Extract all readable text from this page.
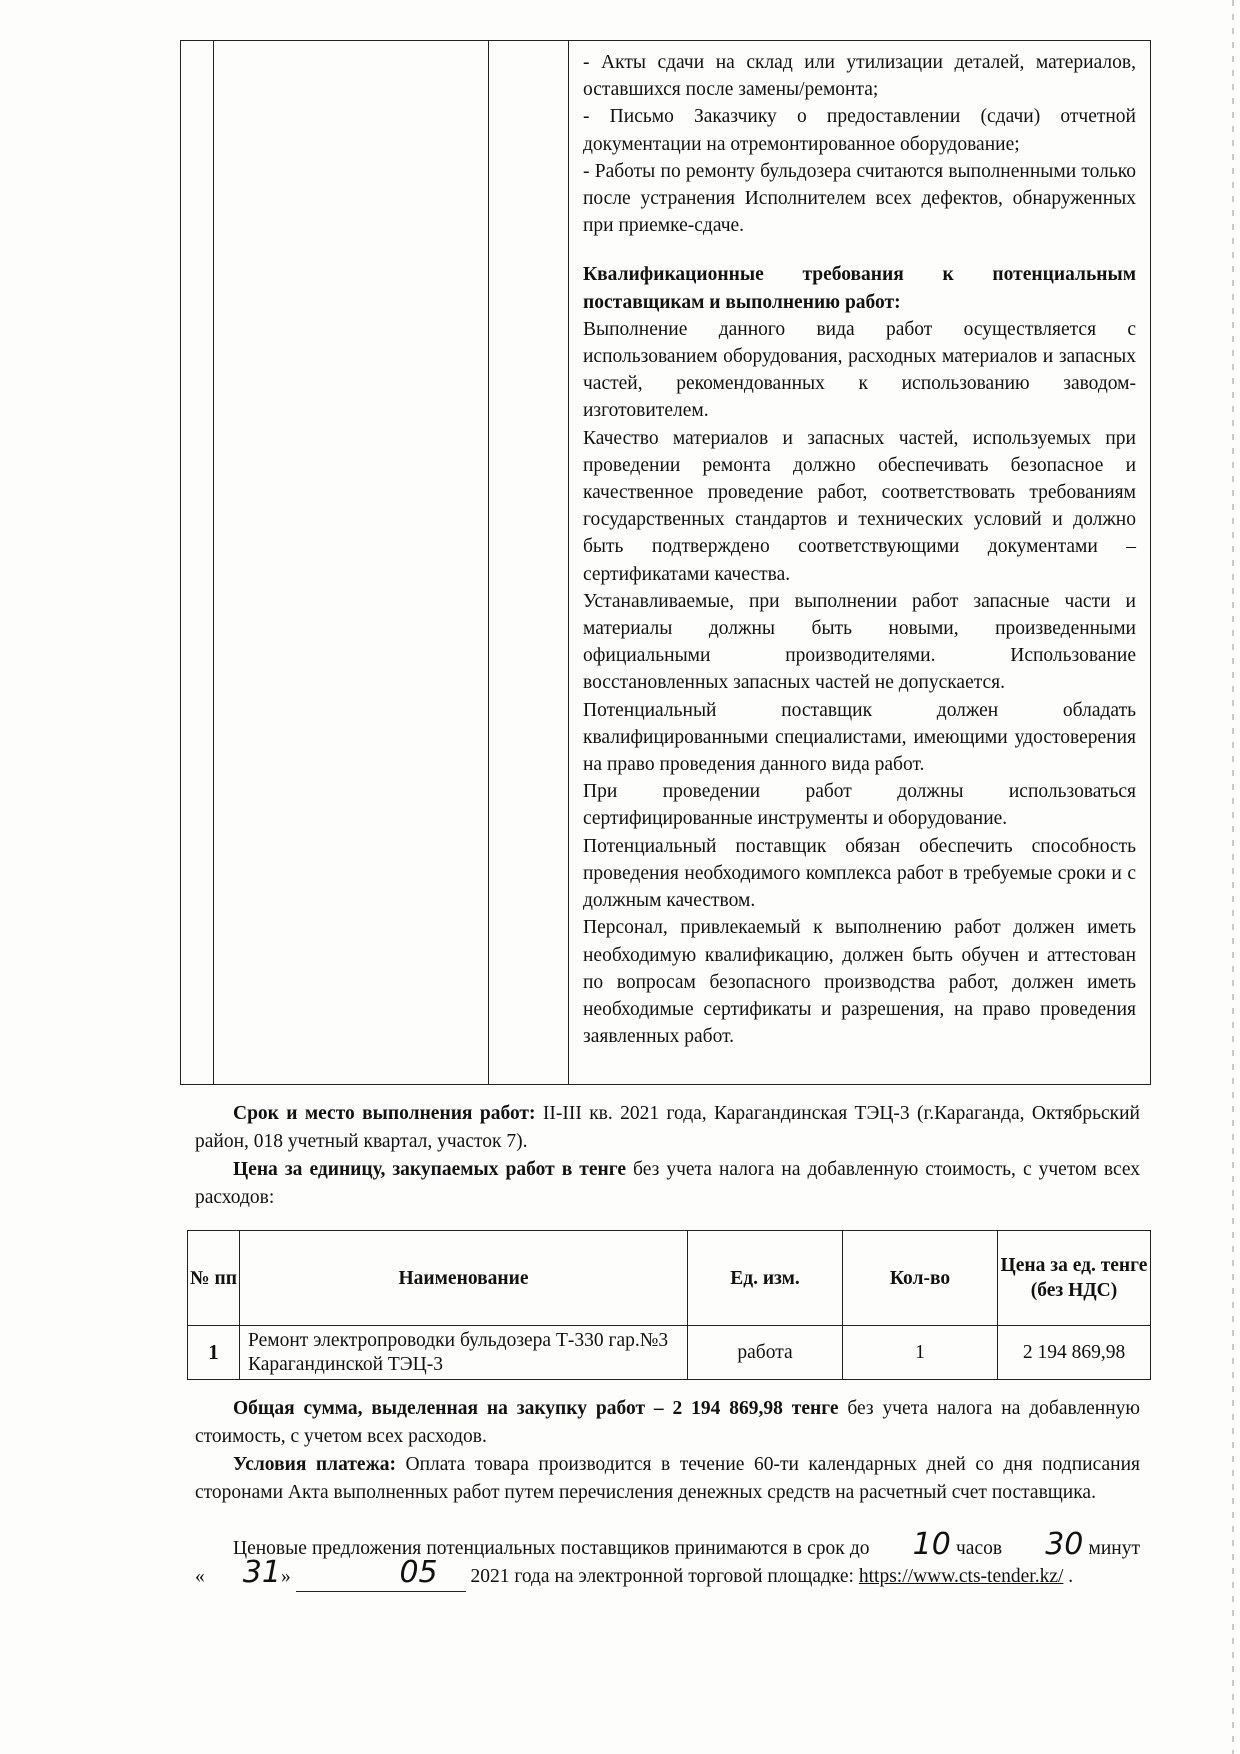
- Акты сдачи на склад или утилизации деталей, материалов, оставшихся после замены/ремонта;

- Письмо Заказчику о предоставлении (сдачи) отчетной документации на отремонтированное оборудование;

- Работы по ремонту бульдозера считаются выполненными только после устранения Исполнителем всех дефектов, обнаруженных при приемке-сдаче.

Квалификационные требования к потенциальным поставщикам и выполнению работ:

Выполнение данного вида работ осуществляется с использованием оборудования, расходных материалов и запасных частей, рекомендованных к использованию заводом-изготовителем.

Качество материалов и запасных частей, используемых при проведении ремонта должно обеспечивать безопасное и качественное проведение работ, соответствовать требованиям государственных стандартов и технических условий и должно быть подтверждено соответствующими документами – сертификатами качества.

Устанавливаемые, при выполнении работ запасные части и материалы должны быть новыми, произведенными официальными производителями. Использование восстановленных запасных частей не допускается.

Потенциальный поставщик должен обладать квалифицированными специалистами, имеющими удостоверения на право проведения данного вида работ.

При проведении работ должны использоваться сертифицированные инструменты и оборудование.

Потенциальный поставщик обязан обеспечить способность проведения необходимого комплекса работ в требуемые сроки и с должным качеством.

Персонал, привлекаемый к выполнению работ должен иметь необходимую квалификацию, должен быть обучен и аттестован по вопросам безопасного производства работ, должен иметь необходимые сертификаты и разрешения, на право проведения заявленных работ.

Срок и место выполнения работ: II-III кв. 2021 года, Карагандинская ТЭЦ-3 (г.Караганда, Октябрьский район, 018 учетный квартал, участок 7).

Цена за единицу, закупаемых работ в тенге без учета налога на добавленную стоимость, с учетом всех расходов:

№ пп	Наименование	Ед. изм.	Кол-во	Цена за ед. тенге (без НДС)
1	Ремонт электропроводки бульдозера Т-330 гар.№3 Карагандинской ТЭЦ-3	работа	1	2 194 869,98

Общая сумма, выделенная на закупку работ – 2 194 869,98 тенге без учета налога на добавленную стоимость, с учетом всех расходов.

Условия платежа: Оплата товара производится в течение 60-ти календарных дней со дня подписания сторонами Акта выполненных работ путем перечисления денежных средств на расчетный счет поставщика.

Ценовые предложения потенциальных поставщиков принимаются в срок до 10 часов 30 минут « 31»	05 2021 года на электронной торговой площадке: https://www.cts-tender.kz/ .
